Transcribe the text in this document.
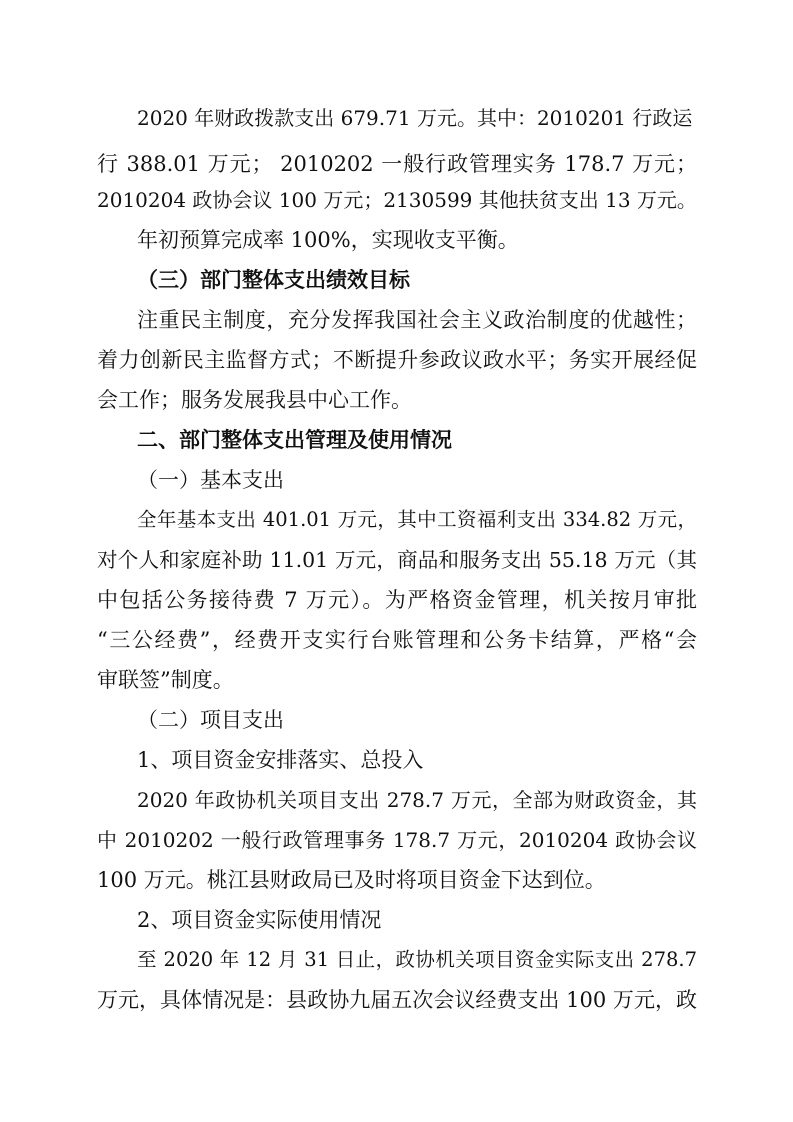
2020 年财政拨款支出 679.71 万元。其中：2010201 行政运
行 388.01 万元； 2010202 一般行政管理实务 178.7 万元；
2010204 政协会议 100 万元；2130599 其他扶贫支出 13 万元。
年初预算完成率 100%，实现收支平衡。
（三）部门整体支出绩效目标
注重民主制度，充分发挥我国社会主义政治制度的优越性；
着力创新民主监督方式；不断提升参政议政水平；务实开展经促
会工作；服务发展我县中心工作。
二、部门整体支出管理及使用情况
（一）基本支出
全年基本支出 401.01 万元，其中工资福利支出 334.82 万元，
对个人和家庭补助 11.01 万元，商品和服务支出 55.18 万元（其
中包括公务接待费 7 万元）。为严格资金管理，机关按月审批
“三公经费”，经费开支实行台账管理和公务卡结算，严格“会
审联签”制度。
（二）项目支出
1、项目资金安排落实、总投入
2020 年政协机关项目支出 278.7 万元，全部为财政资金，其
中 2010202 一般行政管理事务 178.7 万元，2010204 政协会议
100 万元。桃江县财政局已及时将项目资金下达到位。
2、项目资金实际使用情况
至 2020 年 12 月 31 日止，政协机关项目资金实际支出 278.7
万元，具体情况是：县政协九届五次会议经费支出 100 万元，政
